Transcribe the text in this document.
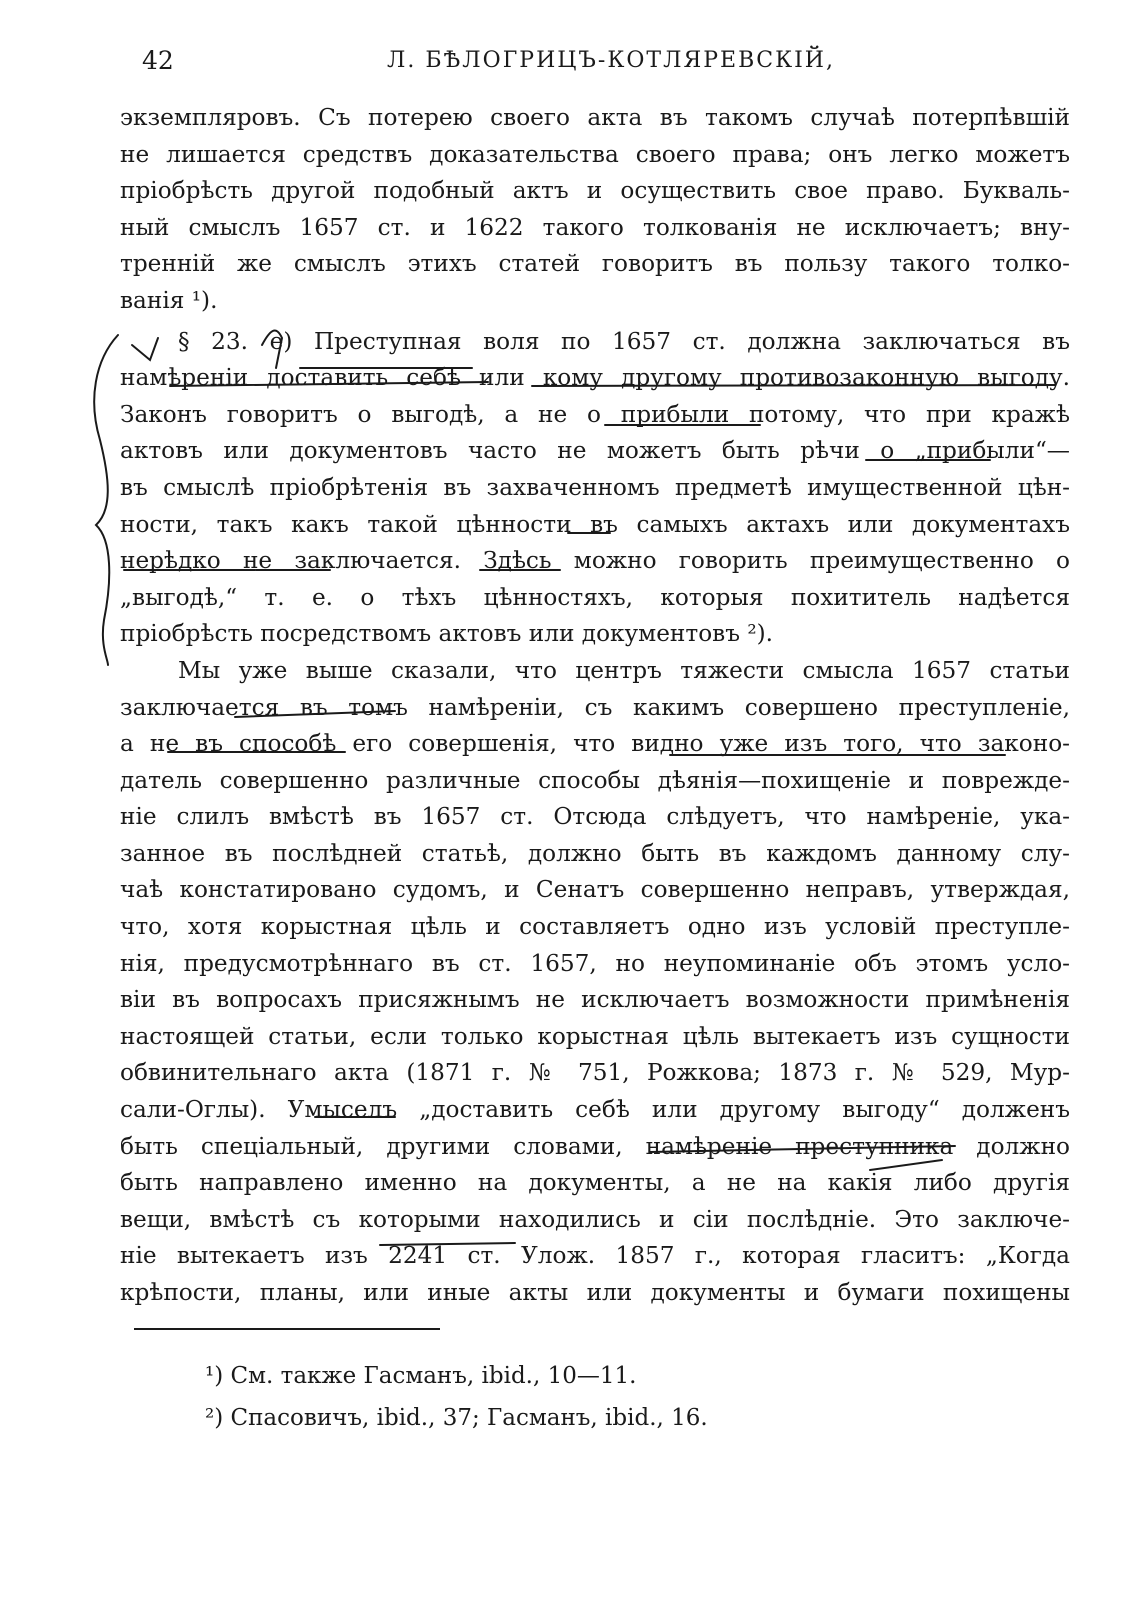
42	Л. БѢЛОГРИЦЪ-КОТЛЯРЕВСКІЙ,
экземпляровъ. Съ потерею своего акта въ такомъ случаѣ потерпѣвшій
не лишается средствъ доказательства своего права; онъ легко можетъ
пріобрѣсть другой подобный актъ и осуществить свое право. Букваль-
ный смыслъ 1657 ст. и 1622 такого толкованія не исключаетъ; вну-
тренній же смыслъ этихъ статей говоритъ въ пользу такого толко-
ванія ¹).
§ 23. е) Преступная воля по 1657 ст. должна заключаться въ
намѣреніи доставить себѣ или кому другому противозаконную выгоду.
Законъ говоритъ о выгодѣ, а не о прибыли потому, что при кражѣ
актовъ или документовъ часто не можетъ быть рѣчи о „прибыли“—
въ смыслѣ пріобрѣтенія въ захваченномъ предметѣ имущественной цѣн-
ности, такъ какъ такой цѣнности въ самыхъ актахъ или документахъ
нерѣдко не заключается. Здѣсь можно говорить преимущественно о
„выгодѣ,“ т. е. о тѣхъ цѣнностяхъ, которыя похититель надѣется
пріобрѣсть посредствомъ актовъ или документовъ ²).
Мы уже выше сказали, что центръ тяжести смысла 1657 статьи
заключается въ томъ намѣреніи, съ какимъ совершено преступленіе,
а не въ способѣ его совершенія, что видно уже изъ того, что законо-
датель совершенно различные способы дѣянія—похищеніе и поврежде-
ніе слилъ вмѣстѣ въ 1657 ст. Отсюда слѣдуетъ, что намѣреніе, ука-
занное въ послѣдней статьѣ, должно быть въ каждомъ данному слу-
чаѣ констатировано судомъ, и Сенатъ совершенно неправъ, утверждая,
что, хотя корыстная цѣль и составляетъ одно изъ условій преступле-
нія, предусмотрѣннаго въ ст. 1657, но неупоминаніе объ этомъ усло-
віи въ вопросахъ присяжнымъ не исключаетъ возможности примѣненія
настоящей статьи, если только корыстная цѣль вытекаетъ изъ сущности
обвинительнаго акта (1871 г. № 751, Рожкова; 1873 г. № 529, Мур-
сали-Оглы). Умыселъ „доставить себѣ или другому выгоду“ долженъ
быть спеціальный, другими словами, намѣреніе преступника должно
быть направлено именно на документы, а не на какія либо другія
вещи, вмѣстѣ съ которыми находились и сіи послѣдніе. Это заключе-
ніе вытекаетъ изъ 2241 ст. Улож. 1857 г., которая гласитъ: „Когда
крѣпости, планы, или иные акты или документы и бумаги похищены
¹) См. также Гасманъ, ibid., 10—11.
²) Спасовичъ, ibid., 37; Гасманъ, ibid., 16.
